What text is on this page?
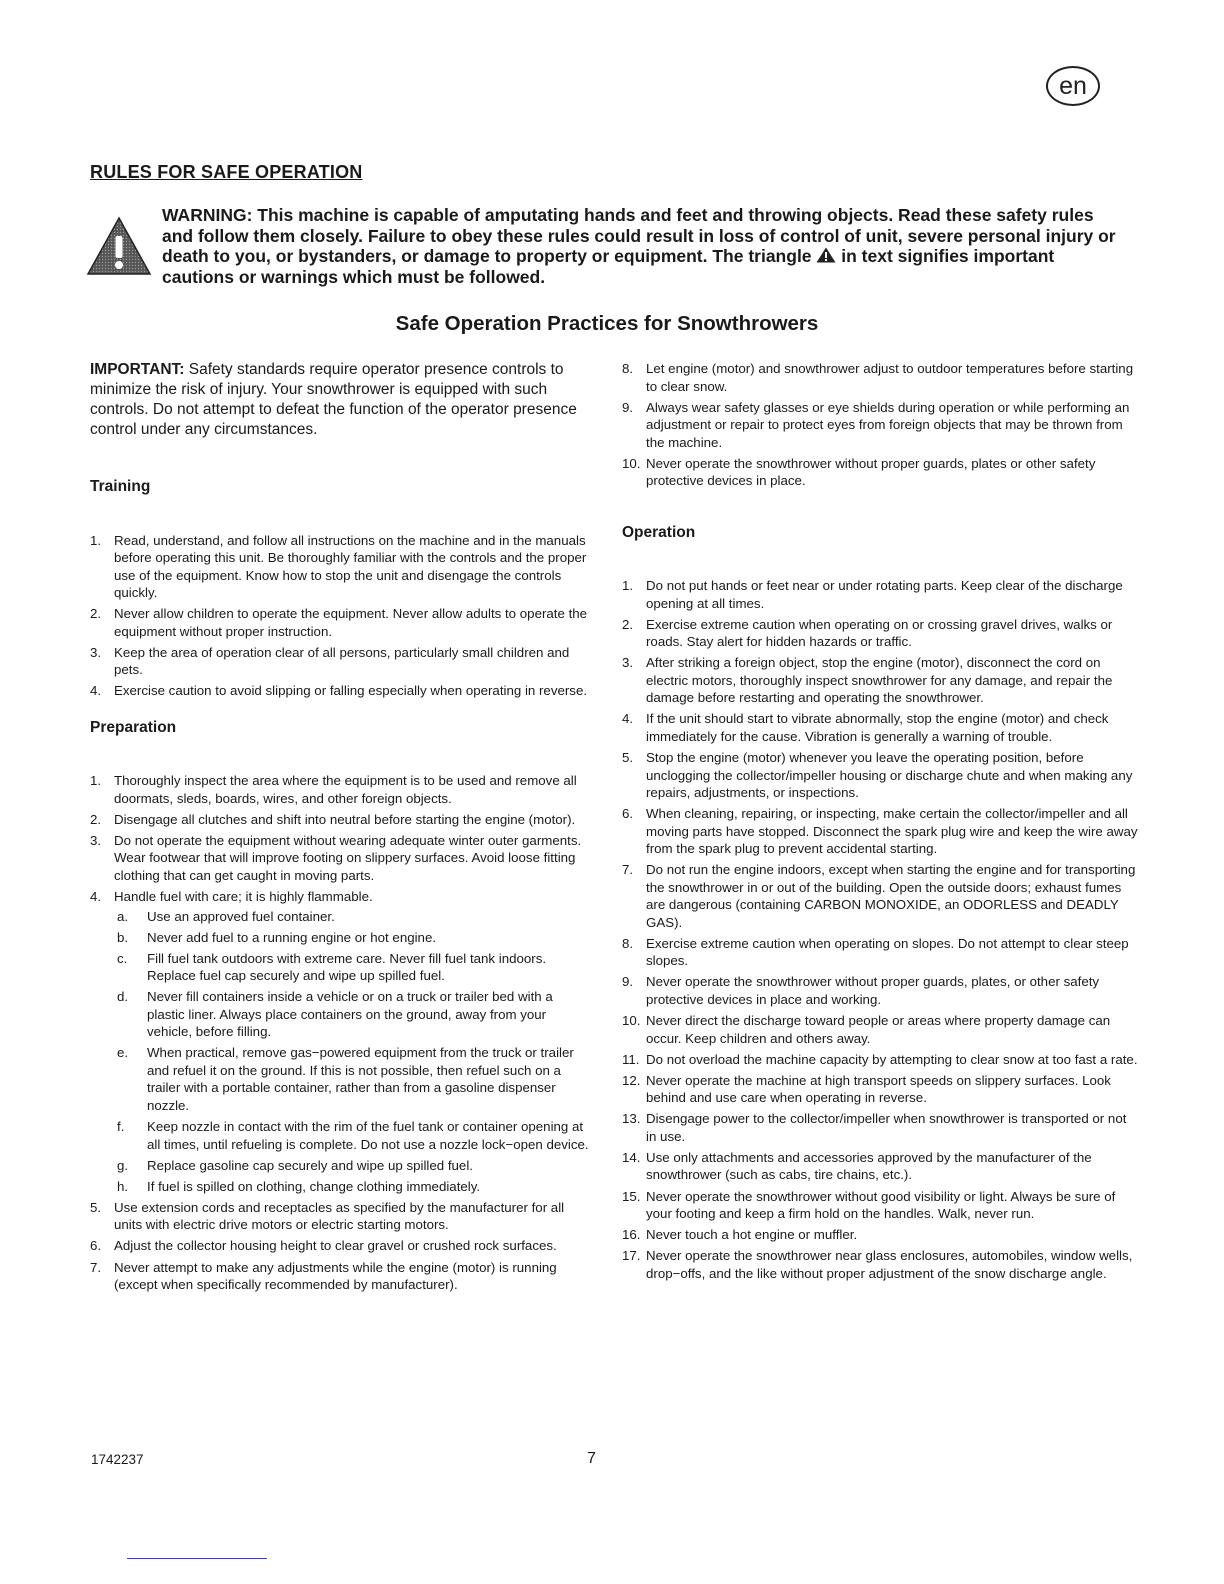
en
RULES FOR SAFE OPERATION

WARNING: This machine is capable of amputating hands and feet and throwing objects. Read these safety rules and follow them closely. Failure to obey these rules could result in loss of control of unit, severe personal injury or death to you, or bystanders, or damage to property or equipment. The triangle  in text signifies important cautions or warnings which must be followed.

Safe Operation Practices for Snowthrowers

IMPORTANT: Safety standards require operator presence controls to minimize the risk of injury. Your snowthrower is equipped with such controls. Do not attempt to defeat the function of the operator presence control under any circumstances.

Training
1. Read, understand, and follow all instructions on the machine and in the manuals before operating this unit. Be thoroughly familiar with the controls and the proper use of the equipment. Know how to stop the unit and disengage the controls quickly.
2. Never allow children to operate the equipment. Never allow adults to operate the equipment without proper instruction.
3. Keep the area of operation clear of all persons, particularly small children and pets.
4. Exercise caution to avoid slipping or falling especially when operating in reverse.
Preparation
1. Thoroughly inspect the area where the equipment is to be used and remove all doormats, sleds, boards, wires, and other foreign objects.
2. Disengage all clutches and shift into neutral before starting the engine (motor).
3. Do not operate the equipment without wearing adequate winter outer garments. Wear footwear that will improve footing on slippery surfaces. Avoid loose fitting clothing that can get caught in moving parts.
4. Handle fuel with care; it is highly flammable.
a. Use an approved fuel container.
b. Never add fuel to a running engine or hot engine.
c. Fill fuel tank outdoors with extreme care. Never fill fuel tank indoors. Replace fuel cap securely and wipe up spilled fuel.
d. Never fill containers inside a vehicle or on a truck or trailer bed with a plastic liner. Always place containers on the ground, away from your vehicle, before filling.
e. When practical, remove gas−powered equipment from the truck or trailer and refuel it on the ground. If this is not possible, then refuel such on a trailer with a portable container, rather than from a gasoline dispenser nozzle.
f. Keep nozzle in contact with the rim of the fuel tank or container opening at all times, until refueling is complete. Do not use a nozzle lock−open device.
g. Replace gasoline cap securely and wipe up spilled fuel.
h. If fuel is spilled on clothing, change clothing immediately.
5. Use extension cords and receptacles as specified by the manufacturer for all units with electric drive motors or electric starting motors.
6. Adjust the collector housing height to clear gravel or crushed rock surfaces.
7. Never attempt to make any adjustments while the engine (motor) is running (except when specifically recommended by manufacturer).
8. Let engine (motor) and snowthrower adjust to outdoor temperatures before starting to clear snow.
9. Always wear safety glasses or eye shields during operation or while performing an adjustment or repair to protect eyes from foreign objects that may be thrown from the machine.
10. Never operate the snowthrower without proper guards, plates or other safety protective devices in place.
Operation
1. Do not put hands or feet near or under rotating parts. Keep clear of the discharge opening at all times.
2. Exercise extreme caution when operating on or crossing gravel drives, walks or roads. Stay alert for hidden hazards or traffic.
3. After striking a foreign object, stop the engine (motor), disconnect the cord on electric motors, thoroughly inspect snowthrower for any damage, and repair the damage before restarting and operating the snowthrower.
4. If the unit should start to vibrate abnormally, stop the engine (motor) and check immediately for the cause. Vibration is generally a warning of trouble.
5. Stop the engine (motor) whenever you leave the operating position, before unclogging the collector/impeller housing or discharge chute and when making any repairs, adjustments, or inspections.
6. When cleaning, repairing, or inspecting, make certain the collector/impeller and all moving parts have stopped. Disconnect the spark plug wire and keep the wire away from the spark plug to prevent accidental starting.
7. Do not run the engine indoors, except when starting the engine and for transporting the snowthrower in or out of the building. Open the outside doors; exhaust fumes are dangerous (containing CARBON MONOXIDE, an ODORLESS and DEADLY GAS).
8. Exercise extreme caution when operating on slopes. Do not attempt to clear steep slopes.
9. Never operate the snowthrower without proper guards, plates, or other safety protective devices in place and working.
10. Never direct the discharge toward people or areas where property damage can occur. Keep children and others away.
11. Do not overload the machine capacity by attempting to clear snow at too fast a rate.
12. Never operate the machine at high transport speeds on slippery surfaces. Look behind and use care when operating in reverse.
13. Disengage power to the collector/impeller when snowthrower is transported or not in use.
14. Use only attachments and accessories approved by the manufacturer of the snowthrower (such as cabs, tire chains, etc.).
15. Never operate the snowthrower without good visibility or light. Always be sure of your footing and keep a firm hold on the handles. Walk, never run.
16. Never touch a hot engine or muffler.
17. Never operate the snowthrower near glass enclosures, automobiles, window wells, drop−offs, and the like without proper adjustment of the snow discharge angle.

1742237	7
